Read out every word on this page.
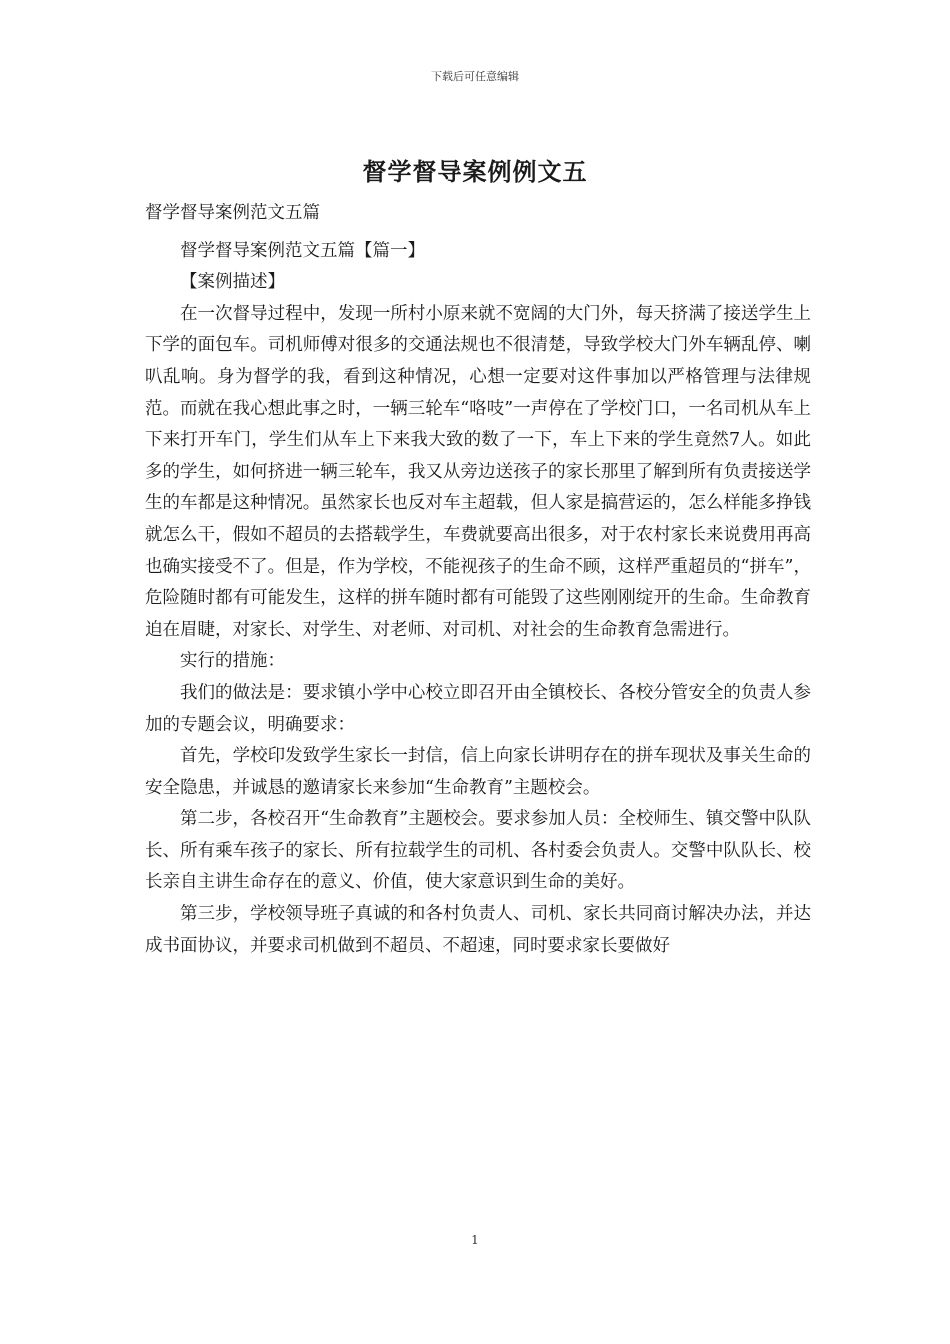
下载后可任意编辑
督学督导案例例文五

督学督导案例范文五篇

督学督导案例范文五篇【篇一】

【案例描述】

在一次督导过程中，发现一所村小原来就不宽阔的大门外，每天挤满了接送学生上下学的面包车。司机师傅对很多的交通法规也不很清楚，导致学校大门外车辆乱停、喇叭乱响。身为督学的我，看到这种情况，心想一定要对这件事加以严格管理与法律规范。而就在我心想此事之时，一辆三轮车“咯吱”一声停在了学校门口，一名司机从车上下来打开车门，学生们从车上下来我大致的数了一下，车上下来的学生竟然7人。如此多的学生，如何挤进一辆三轮车，我又从旁边送孩子的家长那里了解到所有负责接送学生的车都是这种情况。虽然家长也反对车主超载，但人家是搞营运的，怎么样能多挣钱就怎么干，假如不超员的去搭载学生，车费就要高出很多，对于农村家长来说费用再高也确实接受不了。但是，作为学校，不能视孩子的生命不顾，这样严重超员的“拼车”，危险随时都有可能发生，这样的拼车随时都有可能毁了这些刚刚绽开的生命。生命教育迫在眉睫，对家长、对学生、对老师、对司机、对社会的生命教育急需进行。

实行的措施：

我们的做法是：要求镇小学中心校立即召开由全镇校长、各校分管安全的负责人参加的专题会议，明确要求：

首先，学校印发致学生家长一封信，信上向家长讲明存在的拼车现状及事关生命的安全隐患，并诚恳的邀请家长来参加“生命教育”主题校会。

第二步，各校召开“生命教育”主题校会。要求参加人员：全校师生、镇交警中队队长、所有乘车孩子的家长、所有拉载学生的司机、各村委会负责人。交警中队队长、校长亲自主讲生命存在的意义、价值，使大家意识到生命的美好。

第三步，学校领导班子真诚的和各村负责人、司机、家长共同商讨解决办法，并达成书面协议，并要求司机做到不超员、不超速，同时要求家长要做好

1
